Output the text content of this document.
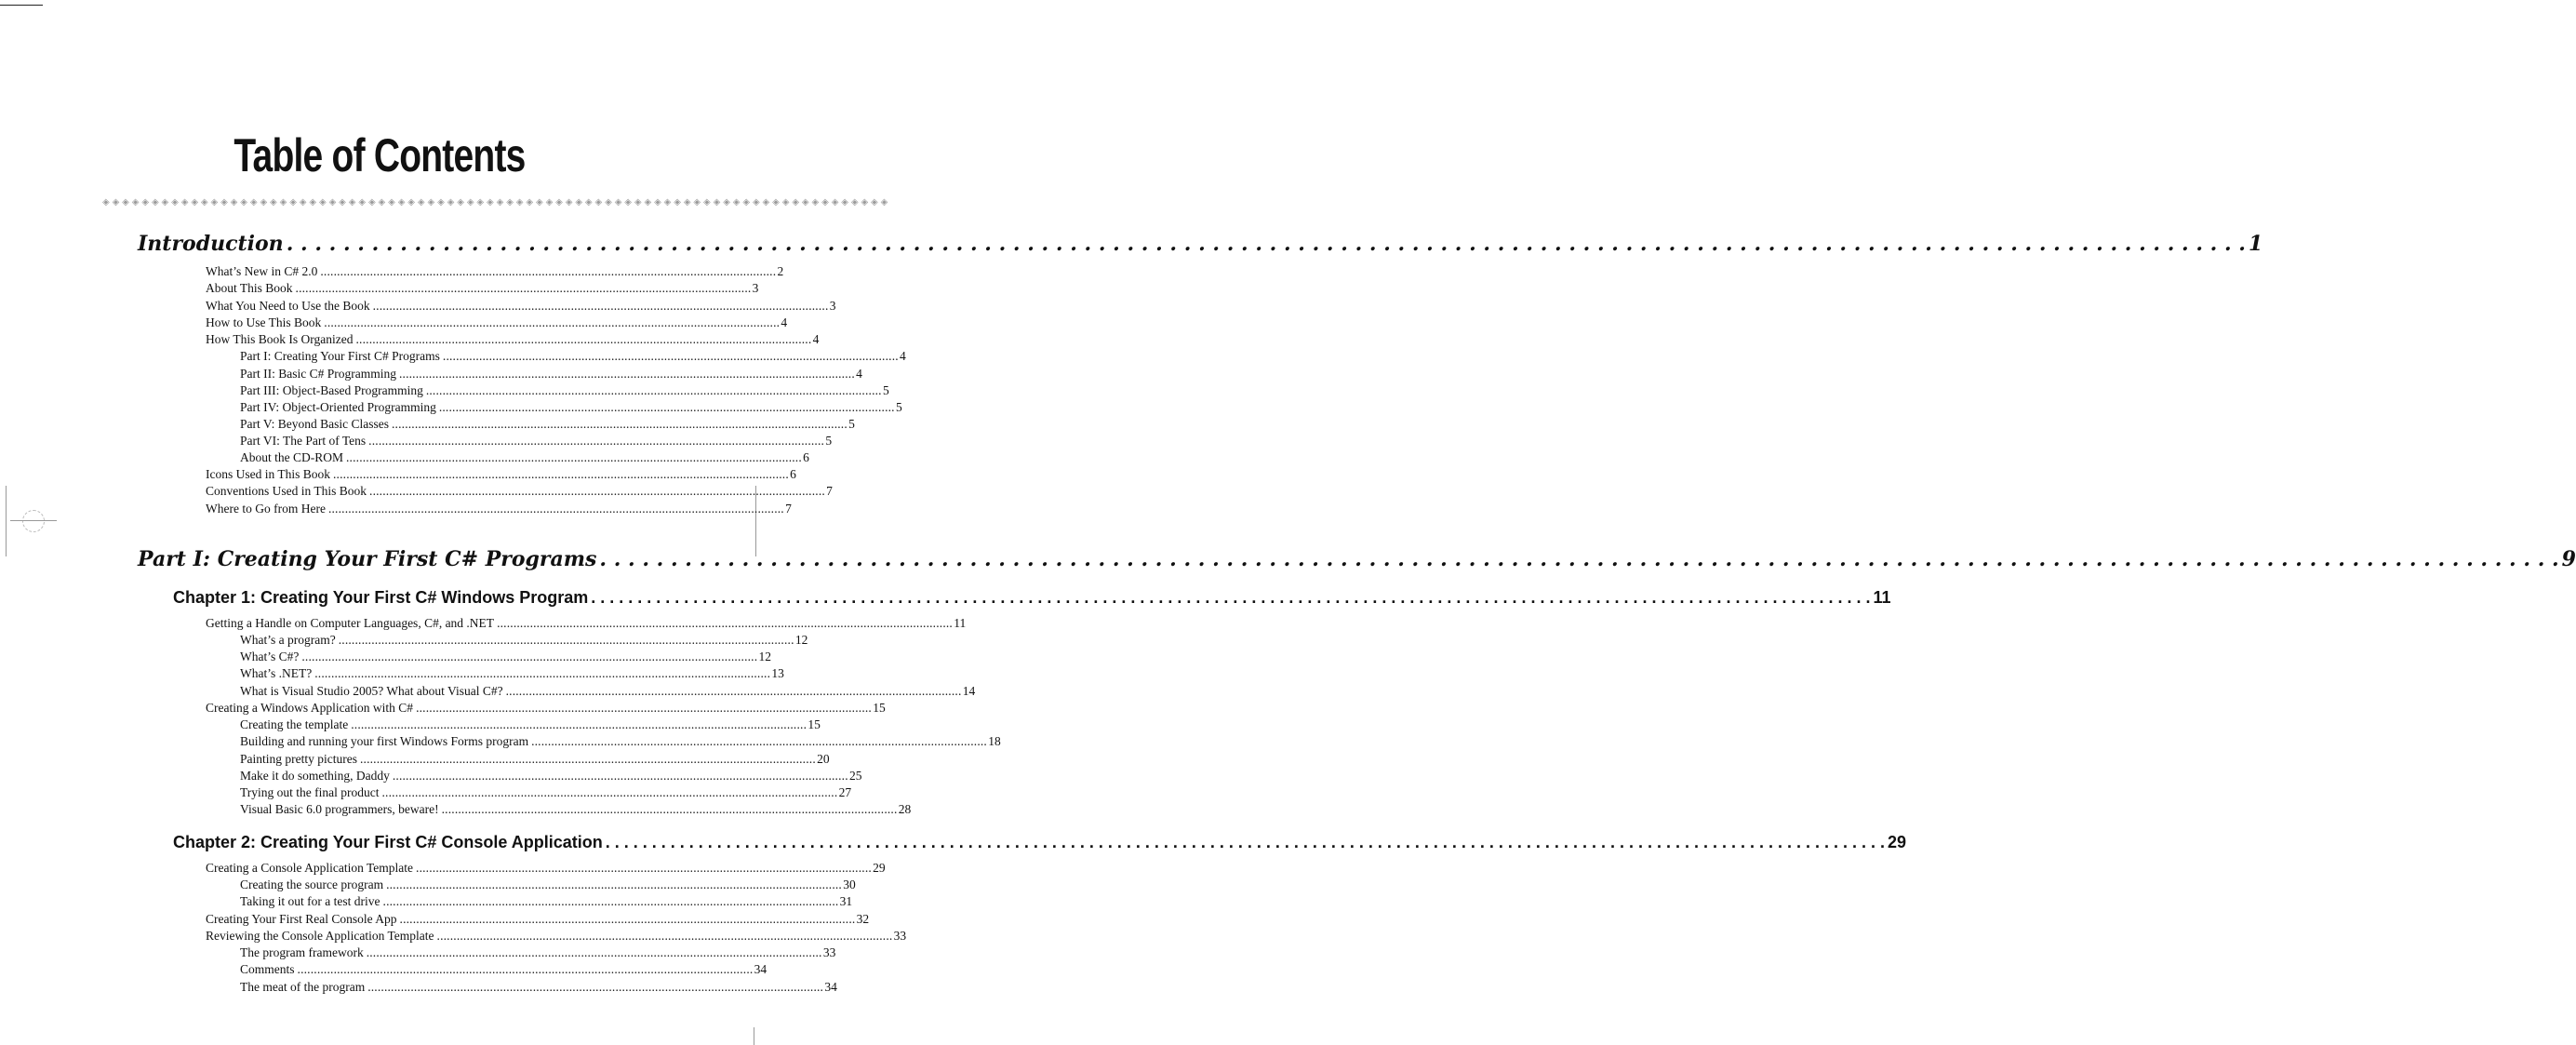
Table of Contents
◈◈◈◈◈◈◈◈◈◈◈◈◈◈◈◈◈◈◈◈◈◈◈◈◈◈◈◈◈◈◈◈◈◈◈◈◈◈◈◈◈◈◈◈◈◈◈◈◈◈◈◈◈◈◈◈◈◈◈◈◈◈◈◈◈◈◈◈◈◈◈◈◈◈◈◈◈◈◈◈
Introduction . . .	1
What’s New in C# 2.0 . . .	2
About This Book . . .	3
What You Need to Use the Book . . .	3
How to Use This Book . . .	4
How This Book Is Organized . . .	4
Part I: Creating Your First C# Programs . . .	4
Part II: Basic C# Programming . . .	4
Part III: Object-Based Programming . . .	5
Part IV: Object-Oriented Programming . . .	5
Part V: Beyond Basic Classes . . .	5
Part VI: The Part of Tens . . .	5
About the CD-ROM . . .	6
Icons Used in This Book . . .	6
Conventions Used in This Book . . .	7
Where to Go from Here . . .	7
Part I: Creating Your First C# Programs . . .	9
Chapter 1: Creating Your First C# Windows Program . . .	11
Getting a Handle on Computer Languages, C#, and .NET . . .	11
What’s a program? . . .	12
What’s C#? . . .	12
What’s .NET? . . .	13
What is Visual Studio 2005? What about Visual C#? . . .	14
Creating a Windows Application with C# . . .	15
Creating the template . . .	15
Building and running your first Windows Forms program . . .	18
Painting pretty pictures . . .	20
Make it do something, Daddy . . .	25
Trying out the final product . . .	27
Visual Basic 6.0 programmers, beware! . . .	28
Chapter 2: Creating Your First C# Console Application . . .	29
Creating a Console Application Template . . .	29
Creating the source program . . .	30
Taking it out for a test drive . . .	31
Creating Your First Real Console App . . .	32
Reviewing the Console Application Template . . .	33
The program framework . . .	33
Comments . . .	34
The meat of the program . . .	34
